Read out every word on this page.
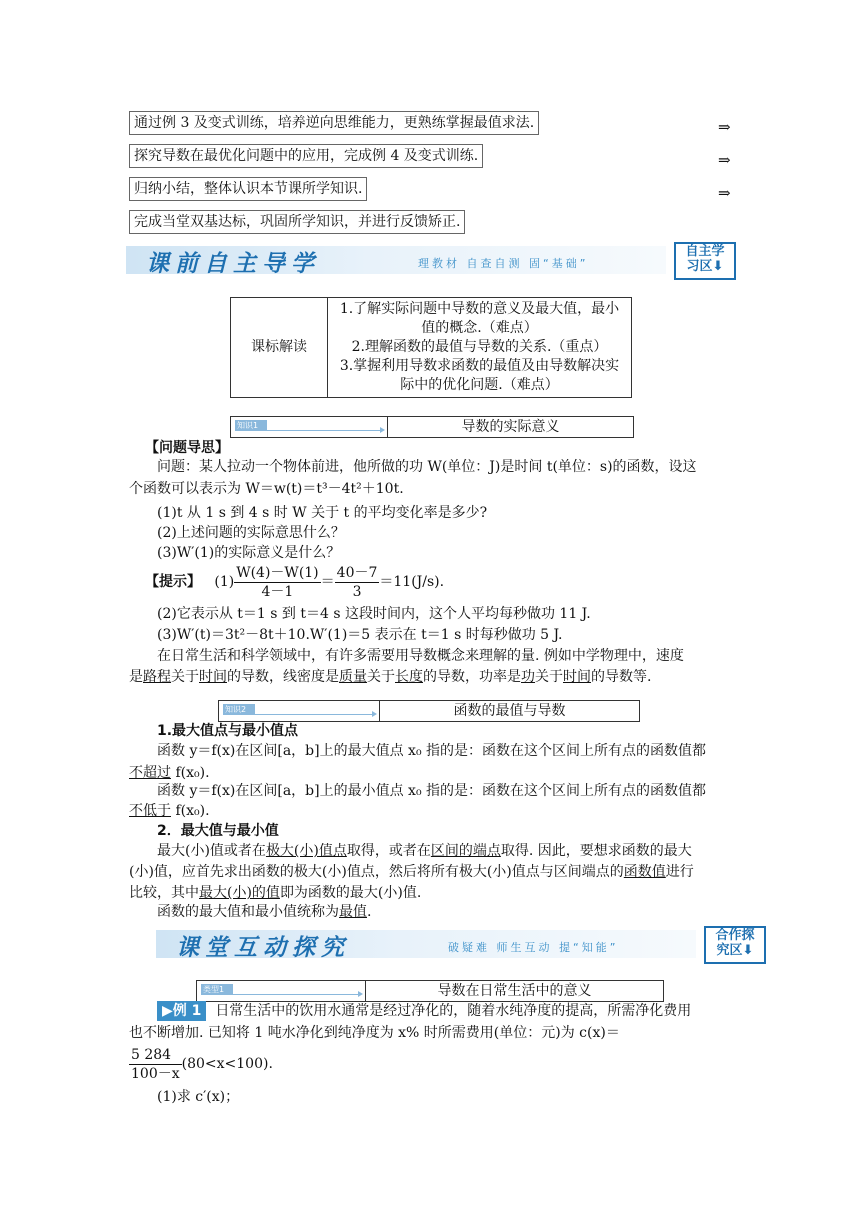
通过例 3 及变式训练，培养逆向思维能力，更熟练掌握最值求法.	⇒
探究导数在最优化问题中的应用，完成例 4 及变式训练.	⇒
归纳小结，整体认识本节课所学知识.	⇒
完成当堂双基达标，巩固所学知识，并进行反馈矫正.
课前自主导学	理教材 自查自测 固“基础”
自主学
习区⬇
课标解读	
1.了解实际问题中导数的意义及最大值，最小值的概念.（难点）
2.理解函数的最值与导数的关系.（重点）
3.掌握利用导数求函数的最值及由导数解决实际中的优化问题.（难点）
知识1	导数的实际意义
【问题导思】
问题：某人拉动一个物体前进，他所做的功 W(单位：J)是时间 t(单位：s)的函数，设这
个函数可以表示为 W＝w(t)＝t³－4t²＋10t.
(1)t 从 1 s 到 4 s 时 W 关于 t 的平均变化率是多少?
(2)上述问题的实际意思什么？
(3)W′(1)的实际意义是什么？
【提示】 $(1) \frac{W(4)-W(1)}{4-1} = \frac{40-7}{3} =11(J/s)$.
(2)它表示从 t＝1 s 到 t＝4 s 这段时间内，这个人平均每秒做功 11 J.
(3)W′(t)＝3t²－8t＋10.W′(1)＝5 表示在 t＝1 s 时每秒做功 5 J.
在日常生活和科学领域中，有许多需要用导数概念来理解的量. 例如中学物理中，速度
是路程关于时间的导数，线密度是质量关于长度的导数，功率是功关于时间的导数等.
知识2	函数的最值与导数
1.最大值点与最小值点
函数 y＝f(x)在区间[a，b]上的最大值点 x₀ 指的是：函数在这个区间上所有点的函数值都
不超过 f(x₀).
函数 y＝f(x)在区间[a，b]上的最小值点 x₀ 指的是：函数在这个区间上所有点的函数值都
不低于 f(x₀).
2．最大值与最小值
最大(小)值或者在极大(小)值点取得，或者在区间的端点取得. 因此，要想求函数的最大
(小)值，应首先求出函数的极大(小)值点，然后将所有极大(小)值点与区间端点的函数值进行
比较，其中最大(小)的值即为函数的最大(小)值.
函数的最大值和最小值统称为最值.
课堂互动探究	破疑难 师生互动 提“知能”
合作探
究区⬇
类型1	导数在日常生活中的意义
▶例 1 日常生活中的饮用水通常是经过净化的，随着水纯净度的提高，所需净化费用
也不断增加. 已知将 1 吨水净化到纯净度为 x% 时所需费用(单位：元)为 c(x)＝
$\frac{5 284}{100-x} (80<x<100)$.
(1)求 c′(x)；
